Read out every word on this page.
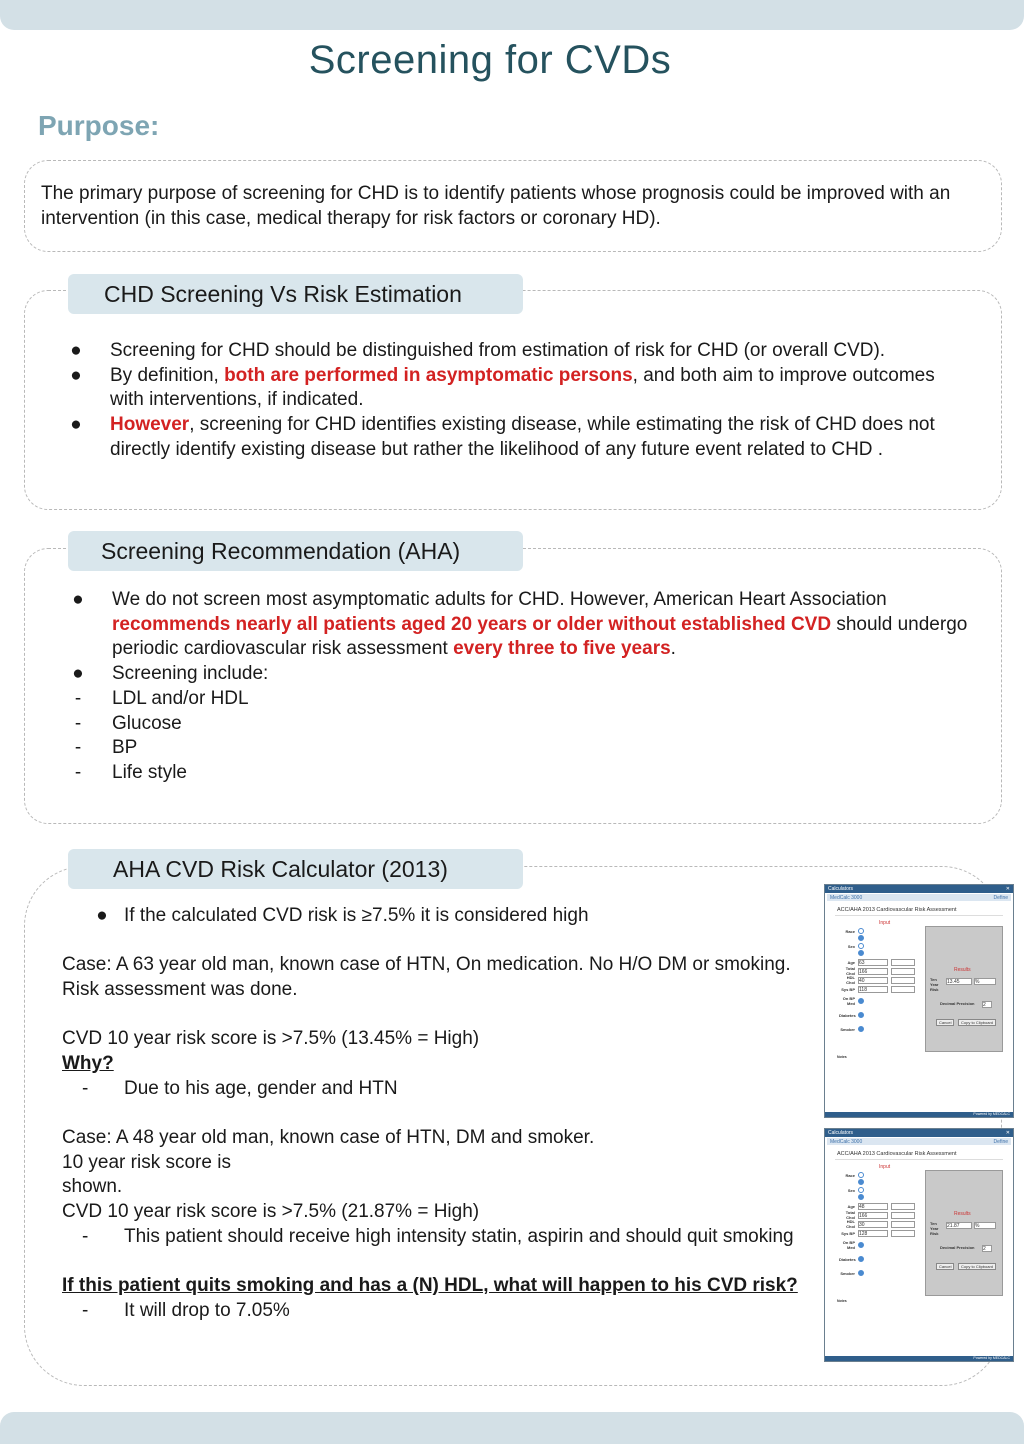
Screening for CVDs
Purpose:
The primary purpose of screening for CHD is to identify patients whose prognosis could be improved with an intervention (in this case, medical therapy for risk factors or coronary HD).
CHD Screening Vs Risk Estimation
● Screening for CHD should be distinguished from estimation of risk for CHD (or overall CVD).
● By definition, both are performed in asymptomatic persons, and both aim to improve outcomes with interventions, if indicated.
● However, screening for CHD identifies existing disease, while estimating the risk of CHD does not directly identify existing disease but rather the likelihood of any future event related to CHD .
Screening Recommendation (AHA)
● We do not screen most asymptomatic adults for CHD. However, American Heart Association recommends nearly all patients aged 20 years or older without established CVD should undergo periodic cardiovascular risk assessment every three to five years.
● Screening include:
-	LDL and/or HDL
-	Glucose
-	BP
-	Life style
AHA CVD Risk Calculator (2013)
● If the calculated CVD risk is ≥7.5% it is considered high
Case: A 63 year old man, known case of HTN, On medication. No H/O DM or smoking.
Risk assessment was done.
CVD 10 year risk score is >7.5% (13.45% = High)
Why?
- Due to his age, gender and HTN
Case: A 48 year old man, known case of HTN, DM and smoker.
10 year risk score is
shown.
CVD 10 year risk score is >7.5% (21.87% = High)
- This patient should receive high intensity statin, aspirin and should quit smoking
If this patient quits smoking and has a (N) HDL, what will happen to his CVD risk?
- It will drop to 7.05%
Calculators	✕
MedCalc 3000	Define
ACC/AHA 2013 Cardiovascular Risk Assessment
Input
Race
Sex
Age 63
Total Chol 166
HDL Chol 40
Sys BP 118
On BP Med
Diabetes
Smoker
Results
Ten Year Risk
13.45	%
Decimal Precision 2
Cancel	Copy to Clipboard
Notes
Powered by MEDCALC
Calculators	✕
MedCalc 3000	Define
ACC/AHA 2013 Cardiovascular Risk Assessment
Input
Race
Sex
Age 48
Total Chol 166
HDL Chol 30
Sys BP 128
On BP Med
Diabetes
Smoker
Results
Ten Year Risk
21.87	%
Decimal Precision 2
Cancel	Copy to Clipboard
Notes
Powered by MEDCALC
